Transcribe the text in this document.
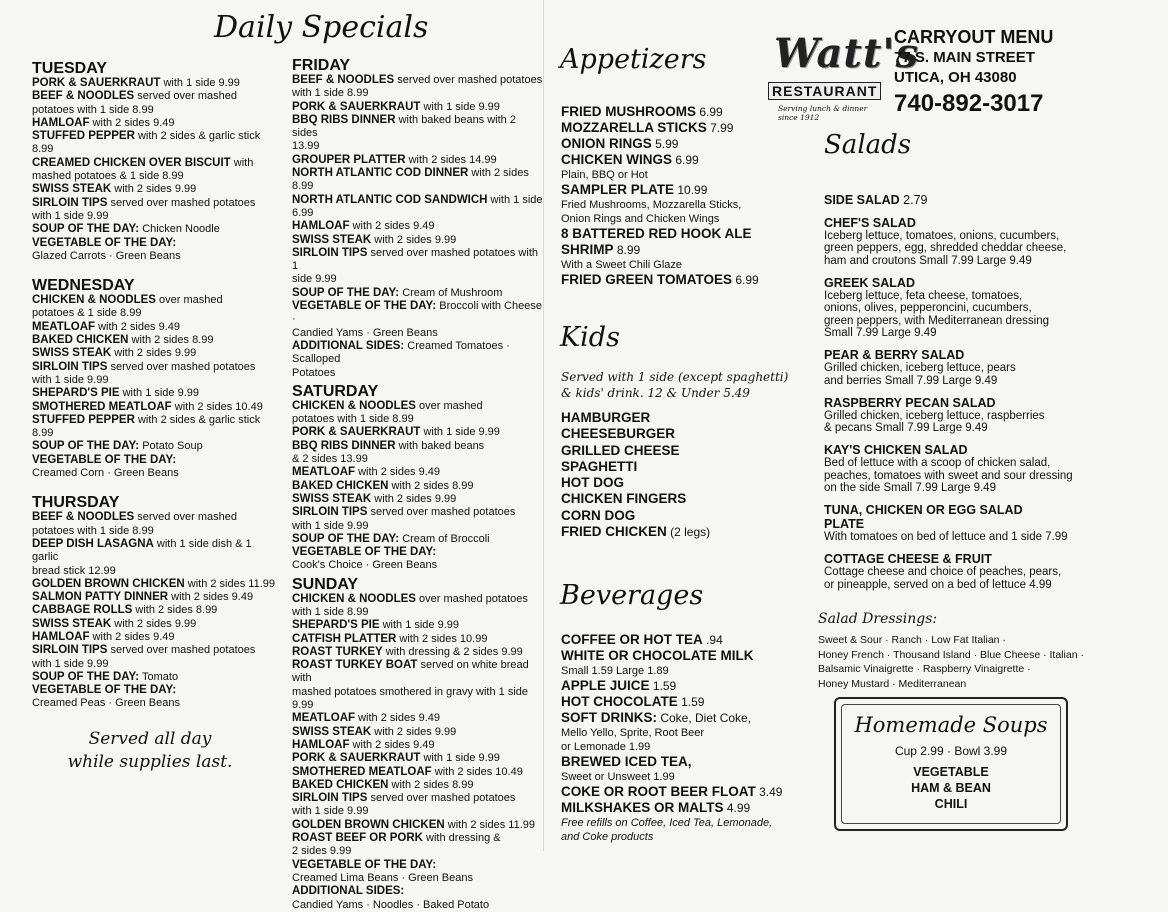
Daily Specials
TUESDAY
PORK & SAUERKRAUT with 1 side 9.99
BEEF & NOODLES served over mashed
potatoes with 1 side 8.99
HAMLOAF with 2 sides 9.49
STUFFED PEPPER with 2 sides & garlic stick 8.99
CREAMED CHICKEN OVER BISCUIT with
mashed potatoes & 1 side 8.99
SWISS STEAK with 2 sides 9.99
SIRLOIN TIPS served over mashed potatoes
with 1 side 9.99
SOUP OF THE DAY: Chicken Noodle
VEGETABLE OF THE DAY:
Glazed Carrots · Green Beans
WEDNESDAY
CHICKEN & NOODLES over mashed
potatoes & 1 side 8.99
MEATLOAF with 2 sides 9.49
BAKED CHICKEN with 2 sides 8.99
SWISS STEAK with 2 sides 9.99
SIRLOIN TIPS served over mashed potatoes
with 1 side 9.99
SHEPARD'S PIE with 1 side 9.99
SMOTHERED MEATLOAF with 2 sides 10.49
STUFFED PEPPER with 2 sides & garlic stick 8.99
SOUP OF THE DAY: Potato Soup
VEGETABLE OF THE DAY:
Creamed Corn · Green Beans
THURSDAY
BEEF & NOODLES served over mashed
potatoes with 1 side 8.99
DEEP DISH LASAGNA with 1 side dish & 1 garlic
bread stick 12.99
GOLDEN BROWN CHICKEN with 2 sides 11.99
SALMON PATTY DINNER with 2 sides 9.49
CABBAGE ROLLS with 2 sides 8.99
SWISS STEAK with 2 sides 9.99
HAMLOAF with 2 sides 9.49
SIRLOIN TIPS served over mashed potatoes
with 1 side 9.99
SOUP OF THE DAY: Tomato
VEGETABLE OF THE DAY:
Creamed Peas · Green Beans
FRIDAY
BEEF & NOODLES served over mashed potatoes
with 1 side 8.99
PORK & SAUERKRAUT with 1 side 9.99
BBQ RIBS DINNER with baked beans with 2 sides
13.99
GROUPER PLATTER with 2 sides 14.99
NORTH ATLANTIC COD DINNER with 2 sides 8.99
NORTH ATLANTIC COD SANDWICH with 1 side 6.99
HAMLOAF with 2 sides 9.49
SWISS STEAK with 2 sides 9.99
SIRLOIN TIPS served over mashed potatoes with 1
side 9.99
SOUP OF THE DAY: Cream of Mushroom
VEGETABLE OF THE DAY: Broccoli with Cheese ·
Candied Yams · Green Beans
ADDITIONAL SIDES: Creamed Tomatoes · Scalloped
Potatoes
SATURDAY
CHICKEN & NOODLES over mashed
potatoes with 1 side 8.99
PORK & SAUERKRAUT with 1 side 9.99
BBQ RIBS DINNER with baked beans
& 2 sides 13.99
MEATLOAF with 2 sides 9.49
BAKED CHICKEN with 2 sides 8.99
SWISS STEAK with 2 sides 9.99
SIRLOIN TIPS served over mashed potatoes
with 1 side 9.99
SOUP OF THE DAY: Cream of Broccoli
VEGETABLE OF THE DAY:
Cook's Choice · Green Beans
SUNDAY
CHICKEN & NOODLES over mashed potatoes
with 1 side 8.99
SHEPARD'S PIE with 1 side 9.99
CATFISH PLATTER with 2 sides 10.99
ROAST TURKEY with dressing & 2 sides 9.99
ROAST TURKEY BOAT served on white bread with
mashed potatoes smothered in gravy with 1 side 9.99
MEATLOAF with 2 sides 9.49
SWISS STEAK with 2 sides 9.99
HAMLOAF with 2 sides 9.49
PORK & SAUERKRAUT with 1 side 9.99
SMOTHERED MEATLOAF with 2 sides 10.49
BAKED CHICKEN with 2 sides 8.99
SIRLOIN TIPS served over mashed potatoes
with 1 side 9.99
GOLDEN BROWN CHICKEN with 2 sides 11.99
ROAST BEEF OR PORK with dressing &
2 sides 9.99
VEGETABLE OF THE DAY:
Creamed Lima Beans · Green Beans
ADDITIONAL SIDES:
Candied Yams · Noodles · Baked Potato
Served all day
while supplies last.
Appetizers
FRIED MUSHROOMS 6.99
MOZZARELLA STICKS 7.99
ONION RINGS 5.99
CHICKEN WINGS 6.99
Plain, BBQ or Hot
SAMPLER PLATE 10.99
Fried Mushrooms, Mozzarella Sticks,
Onion Rings and Chicken Wings
8 BATTERED RED HOOK ALE
SHRIMP 8.99
With a Sweet Chili Glaze
FRIED GREEN TOMATOES 6.99
Kids
Served with 1 side (except spaghetti)
& kids' drink. 12 & Under 5.49
HAMBURGER
CHEESEBURGER
GRILLED CHEESE
SPAGHETTI
HOT DOG
CHICKEN FINGERS
CORN DOG
FRIED CHICKEN (2 legs)
Beverages
COFFEE OR HOT TEA .94
WHITE OR CHOCOLATE MILK
Small 1.59 Large 1.89
APPLE JUICE 1.59
HOT CHOCOLATE 1.59
SOFT DRINKS: Coke, Diet Coke,
Mello Yello, Sprite, Root Beer
or Lemonade 1.99
BREWED ICED TEA,
Sweet or Unsweet 1.99
COKE OR ROOT BEER FLOAT 3.49
MILKSHAKES OR MALTS 4.99
Free refills on Coffee, Iced Tea, Lemonade,
and Coke products
Watt's
RESTAURANT
Serving lunch & dinner since 1912
CARRYOUT MENU
77 S. MAIN STREET
UTICA, OH 43080
740-892-3017
Salads
SIDE SALAD 2.79
CHEF'S SALAD
Iceberg lettuce, tomatoes, onions, cucumbers,
green peppers, egg, shredded cheddar cheese,
ham and croutons Small 7.99 Large 9.49
GREEK SALAD
Iceberg lettuce, feta cheese, tomatoes,
onions, olives, pepperoncini, cucumbers,
green peppers, with Mediterranean dressing
Small 7.99 Large 9.49
PEAR & BERRY SALAD
Grilled chicken, iceberg lettuce, pears
and berries Small 7.99 Large 9.49
RASPBERRY PECAN SALAD
Grilled chicken, iceberg lettuce, raspberries
& pecans Small 7.99 Large 9.49
KAY'S CHICKEN SALAD
Bed of lettuce with a scoop of chicken salad,
peaches, tomatoes with sweet and sour dressing
on the side Small 7.99 Large 9.49
TUNA, CHICKEN OR EGG SALAD
PLATE
With tomatoes on bed of lettuce and 1 side 7.99
COTTAGE CHEESE & FRUIT
Cottage cheese and choice of peaches, pears,
or pineapple, served on a bed of lettuce 4.99
Salad Dressings:
Sweet & Sour · Ranch · Low Fat Italian ·
Honey French · Thousand Island · Blue Cheese · Italian ·
Balsamic Vinaigrette · Raspberry Vinaigrette ·
Honey Mustard · Mediterranean
Homemade Soups
Cup 2.99 · Bowl 3.99
VEGETABLE
HAM & BEAN
CHILI
